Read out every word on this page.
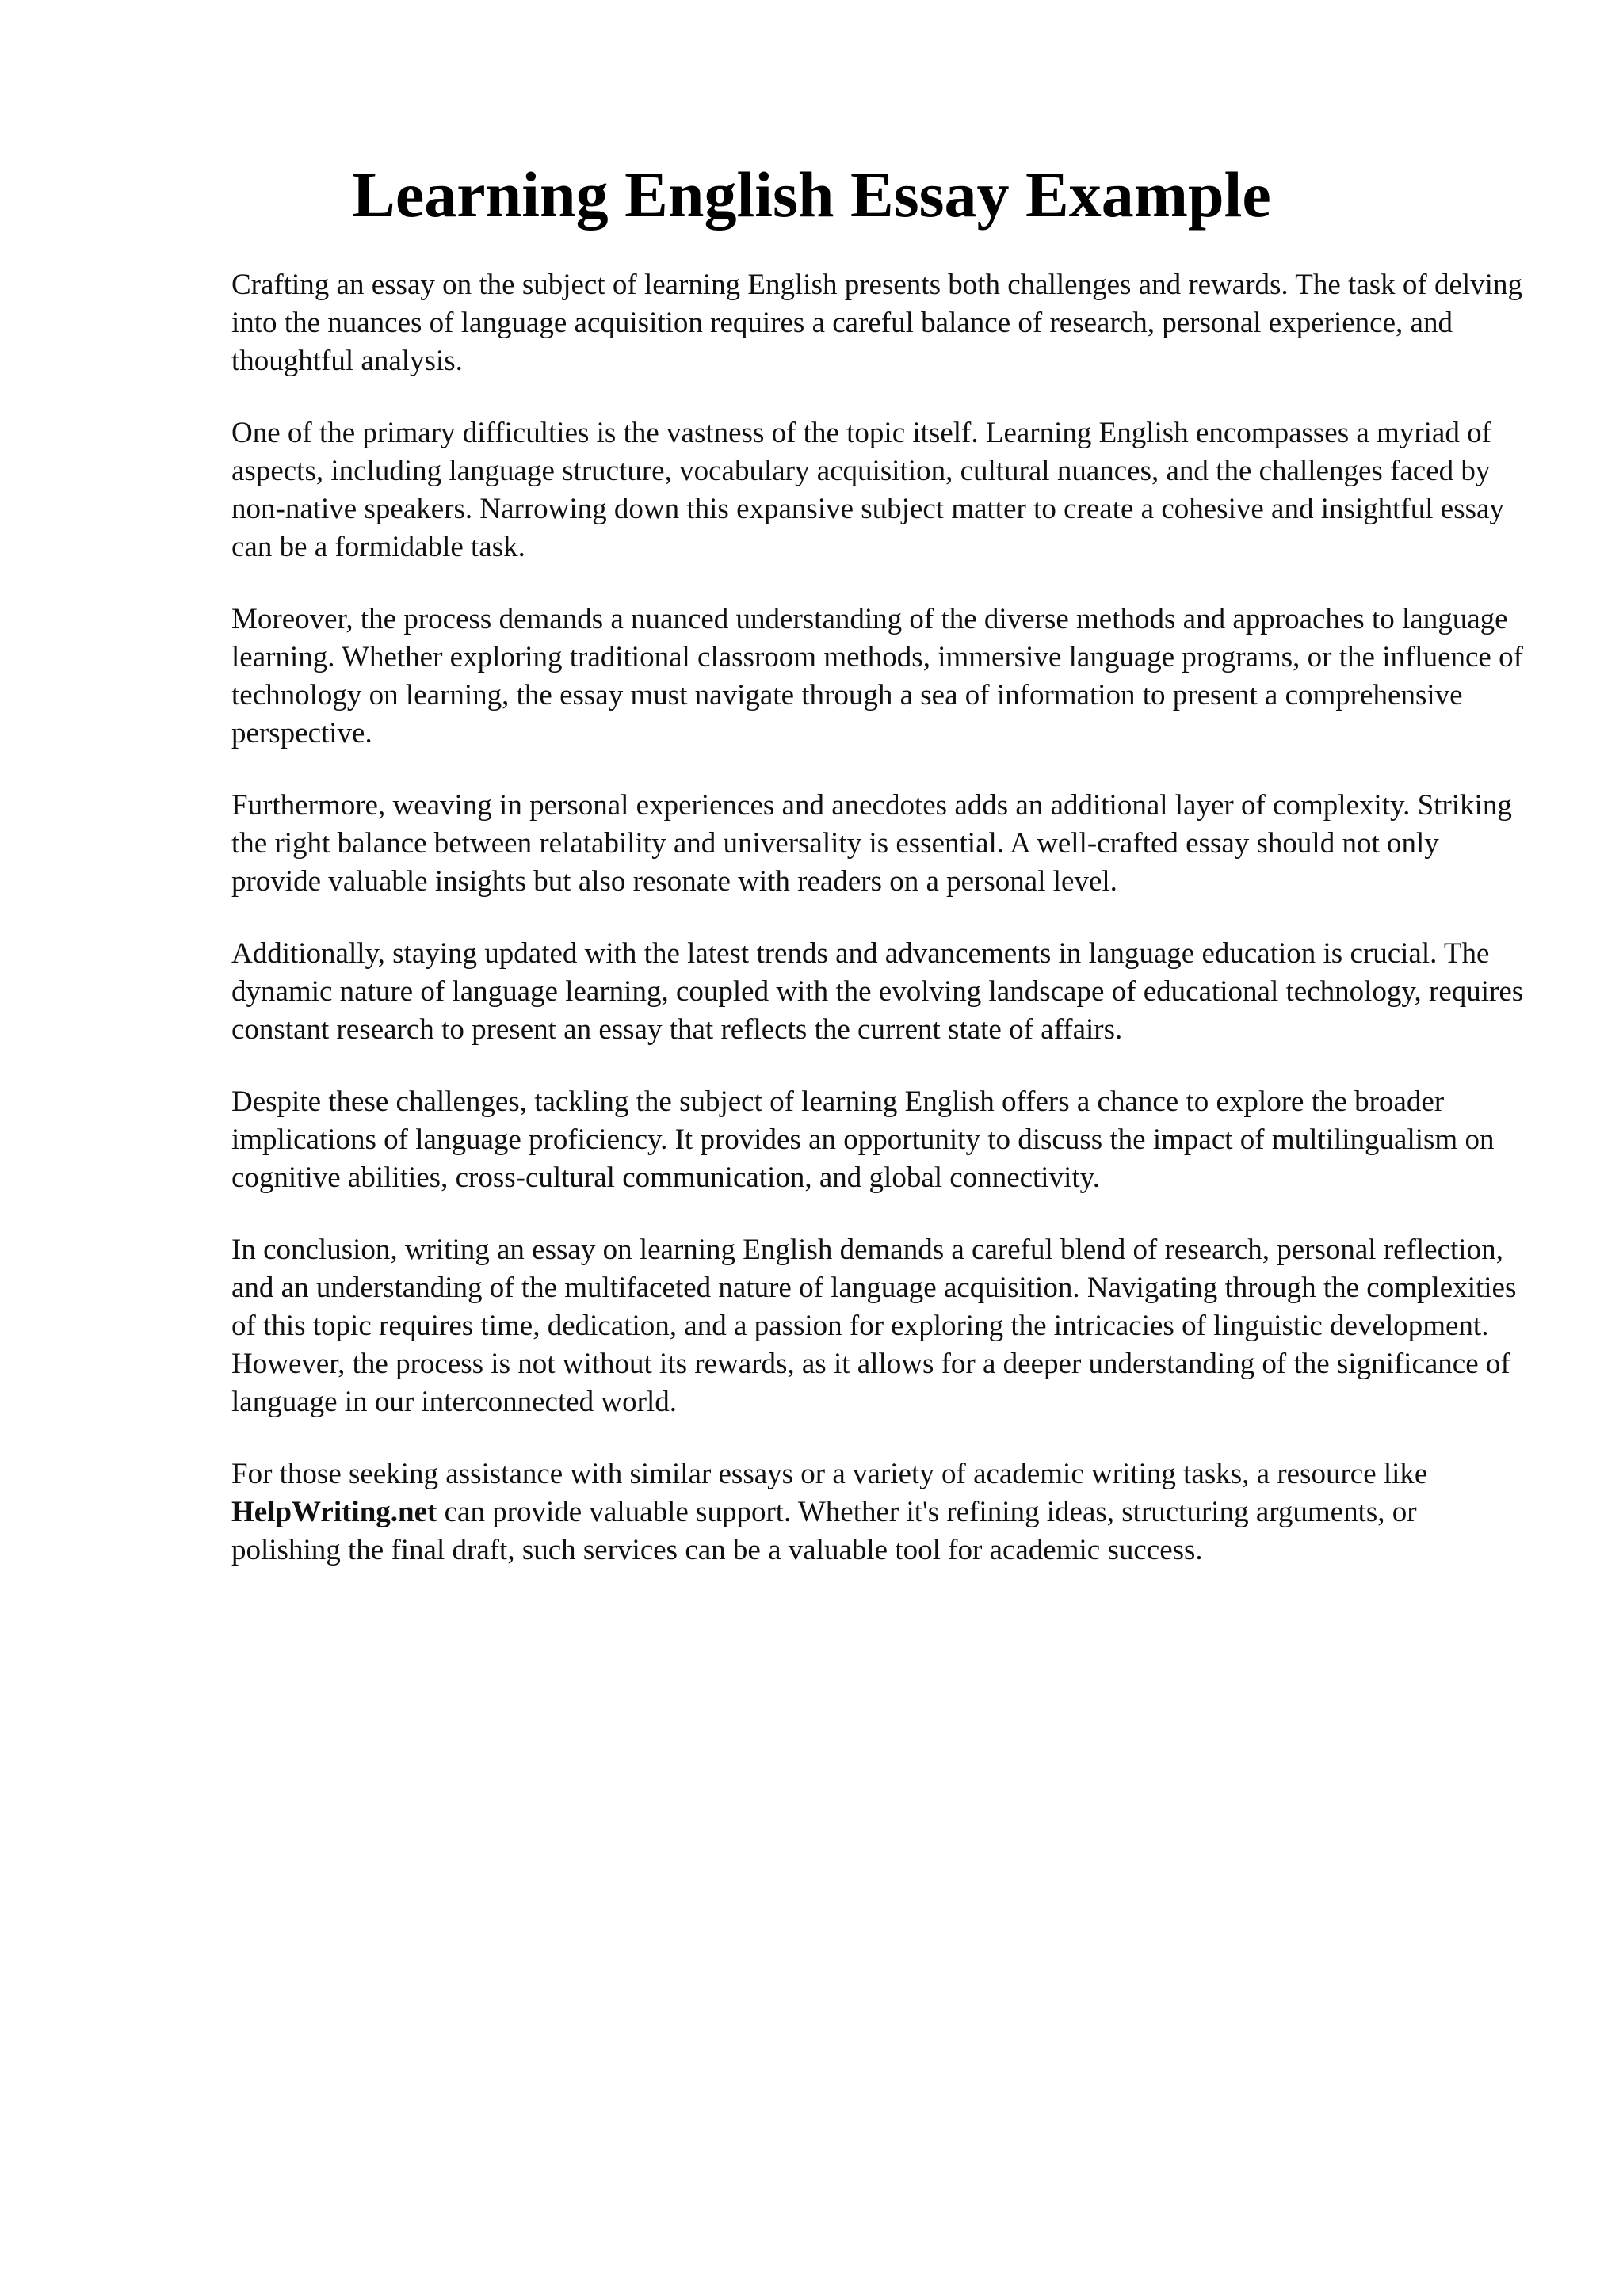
Learning English Essay Example

Crafting an essay on the subject of learning English presents both challenges and rewards. The task of delving into the nuances of language acquisition requires a careful balance of research, personal experience, and thoughtful analysis.

One of the primary difficulties is the vastness of the topic itself. Learning English encompasses a myriad of aspects, including language structure, vocabulary acquisition, cultural nuances, and the challenges faced by non-native speakers. Narrowing down this expansive subject matter to create a cohesive and insightful essay can be a formidable task.

Moreover, the process demands a nuanced understanding of the diverse methods and approaches to language learning. Whether exploring traditional classroom methods, immersive language programs, or the influence of technology on learning, the essay must navigate through a sea of information to present a comprehensive perspective.

Furthermore, weaving in personal experiences and anecdotes adds an additional layer of complexity. Striking the right balance between relatability and universality is essential. A well-crafted essay should not only provide valuable insights but also resonate with readers on a personal level.

Additionally, staying updated with the latest trends and advancements in language education is crucial. The dynamic nature of language learning, coupled with the evolving landscape of educational technology, requires constant research to present an essay that reflects the current state of affairs.

Despite these challenges, tackling the subject of learning English offers a chance to explore the broader implications of language proficiency. It provides an opportunity to discuss the impact of multilingualism on cognitive abilities, cross-cultural communication, and global connectivity.

In conclusion, writing an essay on learning English demands a careful blend of research, personal reflection, and an understanding of the multifaceted nature of language acquisition. Navigating through the complexities of this topic requires time, dedication, and a passion for exploring the intricacies of linguistic development. However, the process is not without its rewards, as it allows for a deeper understanding of the significance of language in our interconnected world.

For those seeking assistance with similar essays or a variety of academic writing tasks, a resource like HelpWriting.net can provide valuable support. Whether it's refining ideas, structuring arguments, or polishing the final draft, such services can be a valuable tool for academic success.
